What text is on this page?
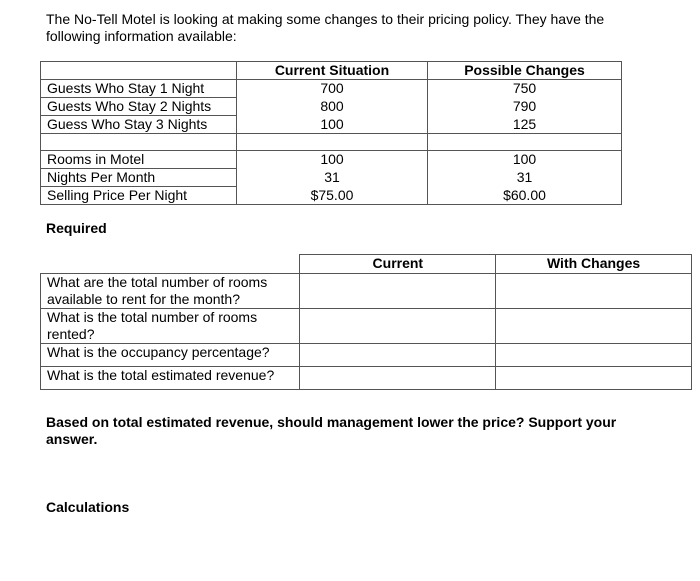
The No-Tell Motel is looking at making some changes to their pricing policy. They have the following information available:

	Current Situation	Possible Changes
Guests Who Stay 1 Night	700	750
Guests Who Stay 2 Nights	800	790
Guess Who Stay 3 Nights	100	125

Rooms in Motel	100	100
Nights Per Month	31	31
Selling Price Per Night	$75.00	$60.00
Required
	Current	With Changes
What are the total number of rooms available to rent for the month?		
What is the total number of rooms rented?		
What is the occupancy percentage?		
What is the total estimated revenue?		

Based on total estimated revenue, should management lower the price? Support your answer.

Calculations
